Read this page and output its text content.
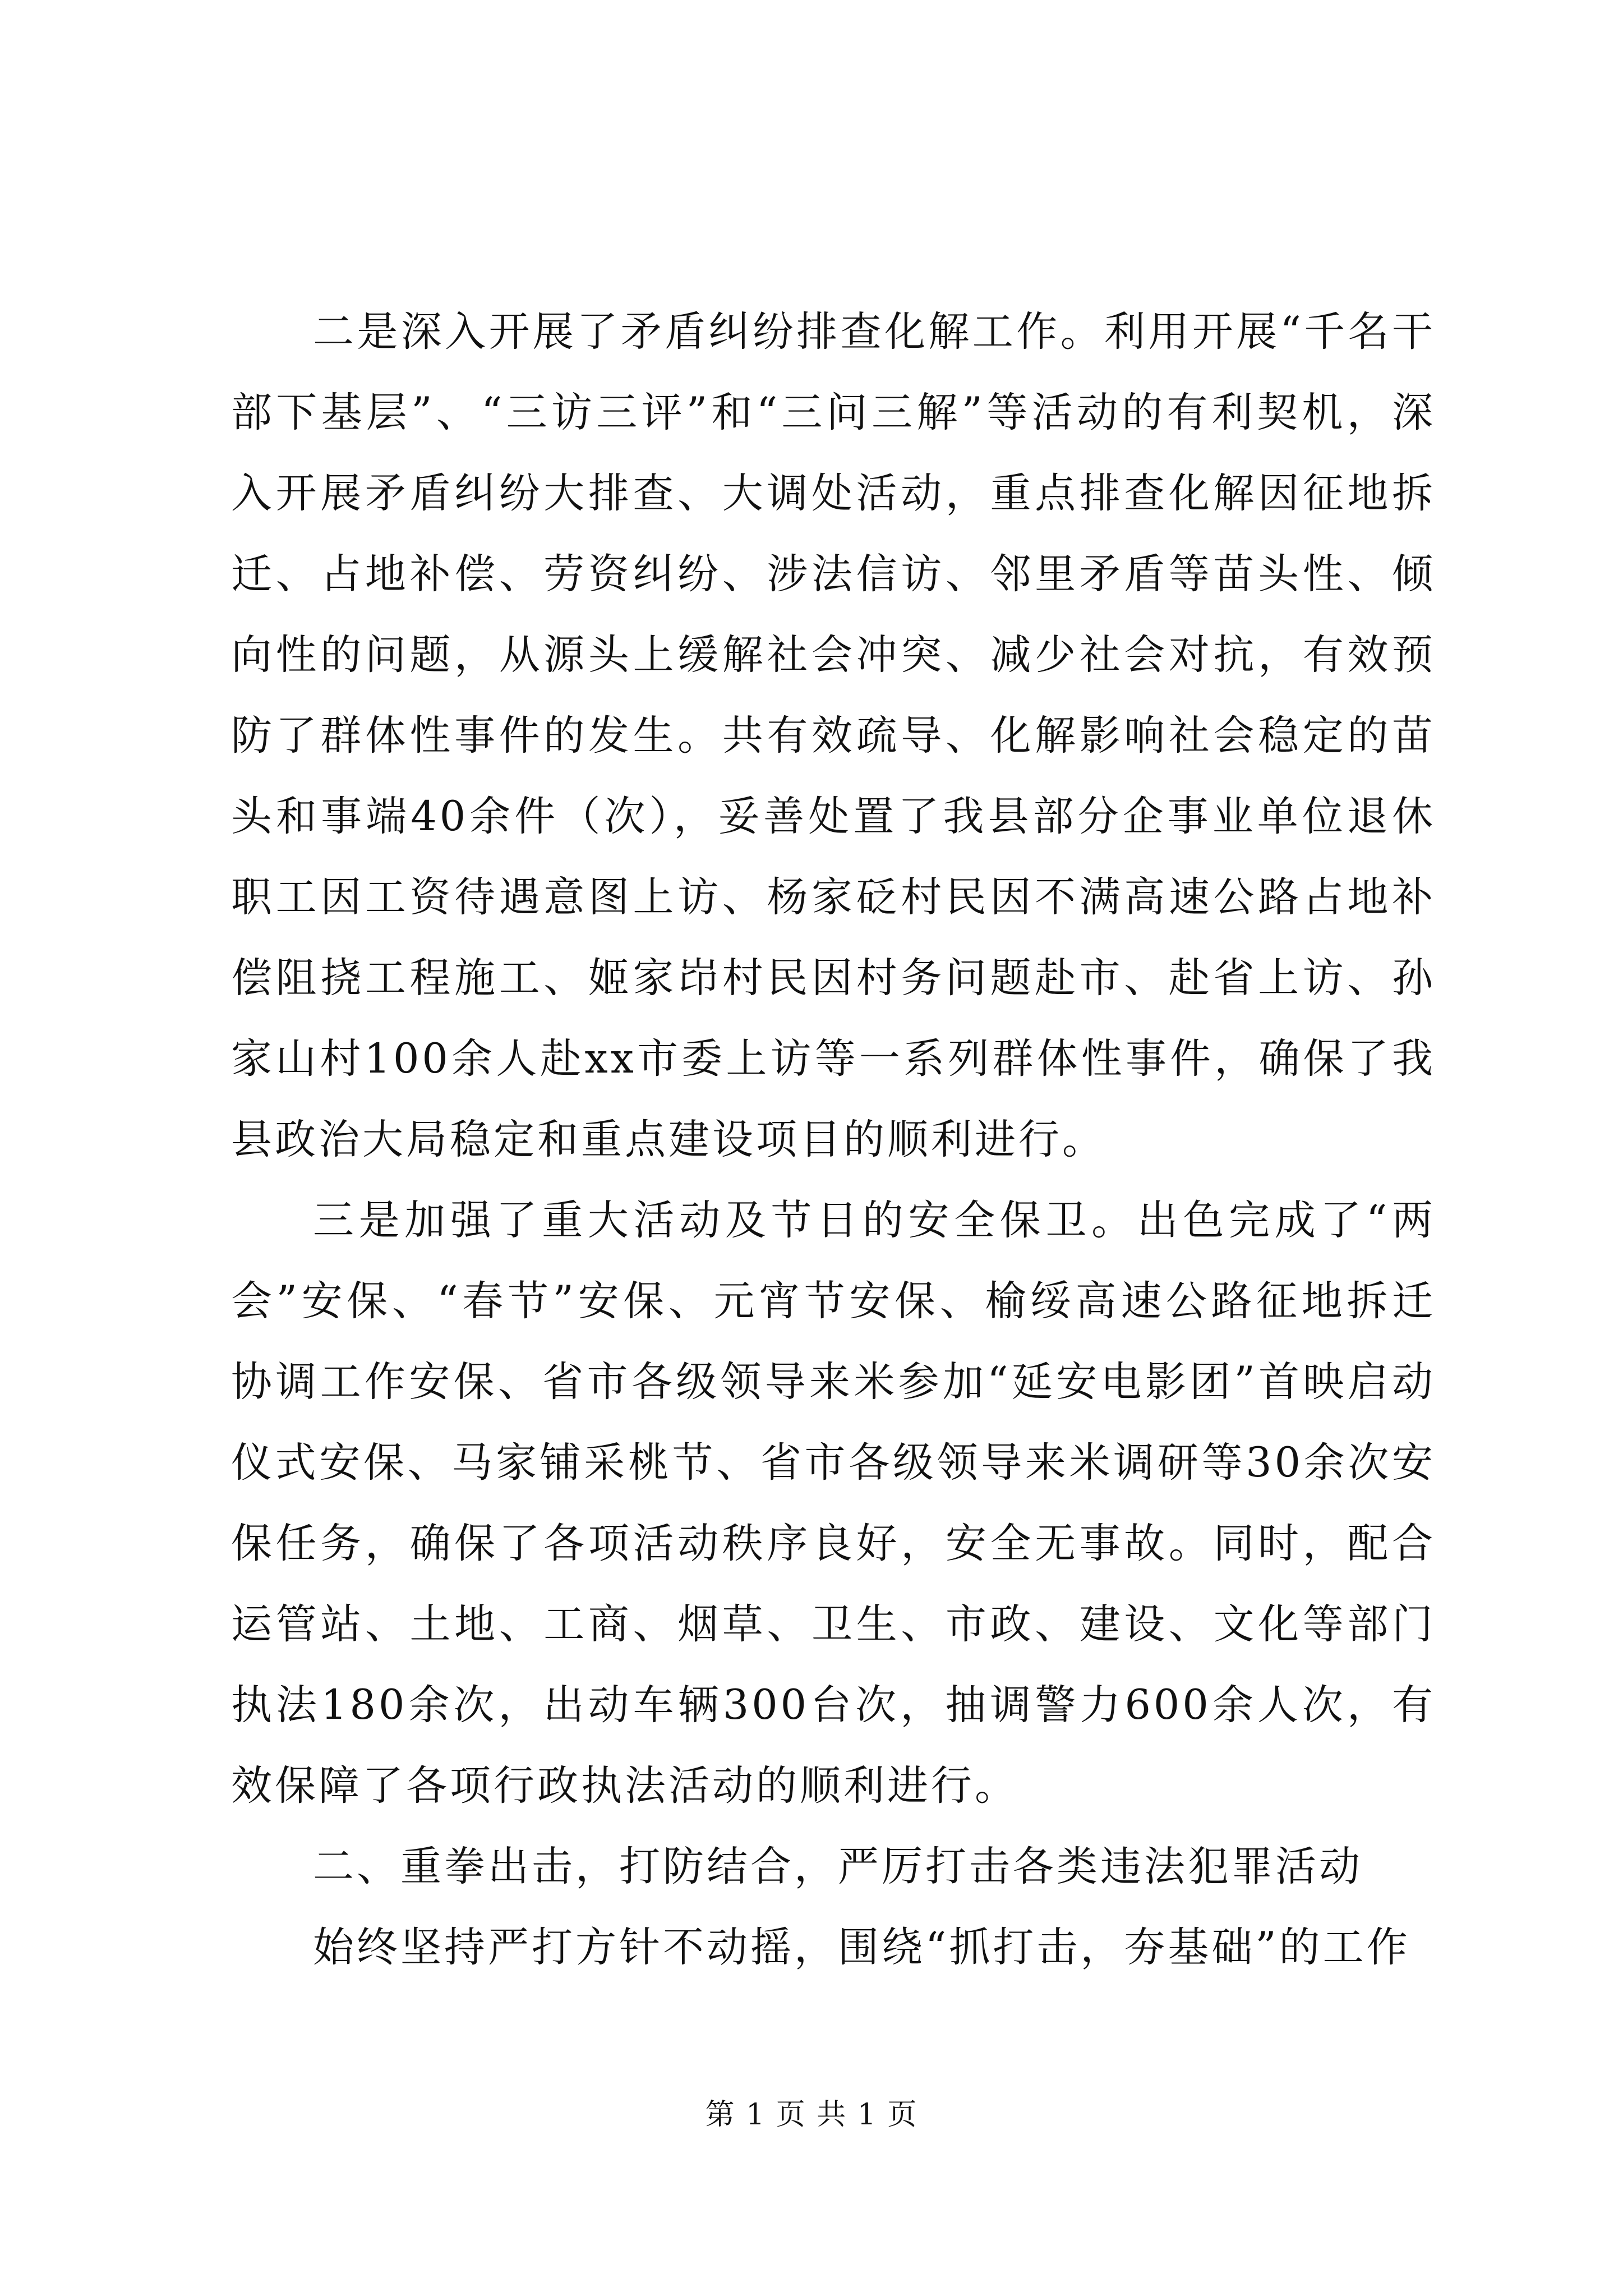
二是深入开展了矛盾纠纷排查化解工作。利用开展“千名干部下基层”、“三访三评”和“三问三解”等活动的有利契机，深入开展矛盾纠纷大排查、大调处活动，重点排查化解因征地拆迁、占地补偿、劳资纠纷、涉法信访、邻里矛盾等苗头性、倾向性的问题，从源头上缓解社会冲突、减少社会对抗，有效预防了群体性事件的发生。共有效疏导、化解影响社会稳定的苗头和事端40余件（次），妥善处置了我县部分企事业单位退休职工因工资待遇意图上访、杨家砭村民因不满高速公路占地补偿阻挠工程施工、姬家岇村民因村务问题赴市、赴省上访、孙家山村100余人赴xx市委上访等一系列群体性事件，确保了我县政治大局稳定和重点建设项目的顺利进行。

三是加强了重大活动及节日的安全保卫。出色完成了“两会”安保、“春节”安保、元宵节安保、榆绥高速公路征地拆迁协调工作安保、省市各级领导来米参加“延安电影团”首映启动仪式安保、马家铺采桃节、省市各级领导来米调研等30余次安保任务，确保了各项活动秩序良好，安全无事故。同时，配合运管站、土地、工商、烟草、卫生、市政、建设、文化等部门执法180余次，出动车辆300台次，抽调警力600余人次，有效保障了各项行政执法活动的顺利进行。

二、重拳出击，打防结合，严厉打击各类违法犯罪活动

始终坚持严打方针不动摇，围绕“抓打击，夯基础”的工作

第 1 页 共 1 页
